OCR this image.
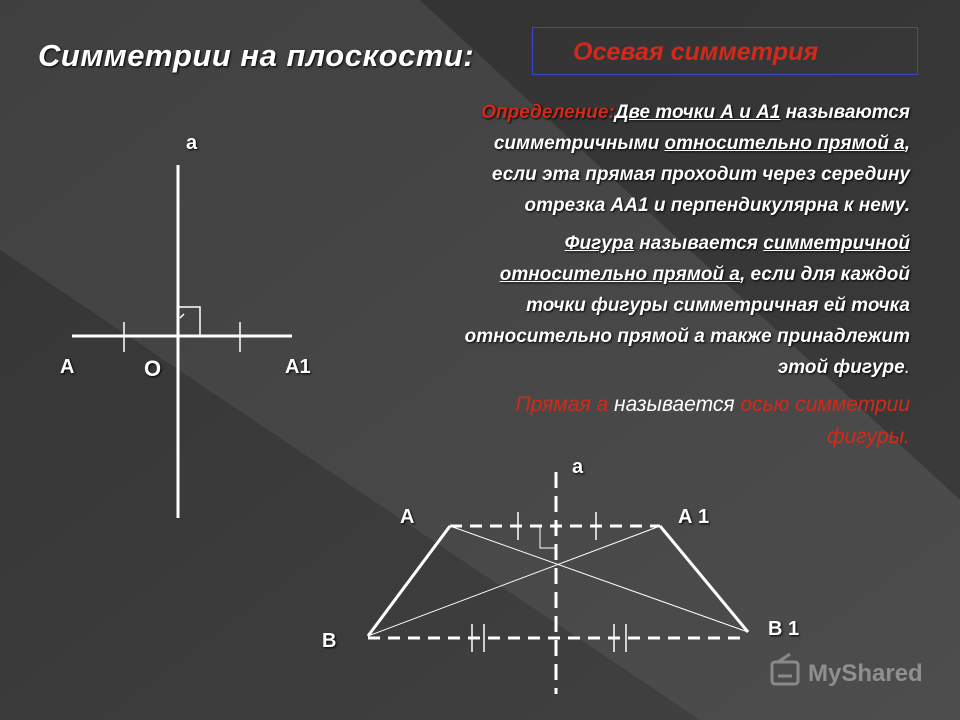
Симметрии на плоскости:	Осевая симметрия
Определение:Две точки А и А1 называются
симметричными относительно прямой а,
если эта прямая проходит через середину
отрезка АА1 и перпендикулярна к нему.
Фигура называется симметричной
относительно прямой а, если для каждой
точки фигуры симметричная ей точка
относительно прямой а также принадлежит
этой фигуре.
Прямая а называется осью симметрии
фигуры.
а
А	О	А1
а
А	А 1
В
В 1
MyShared
